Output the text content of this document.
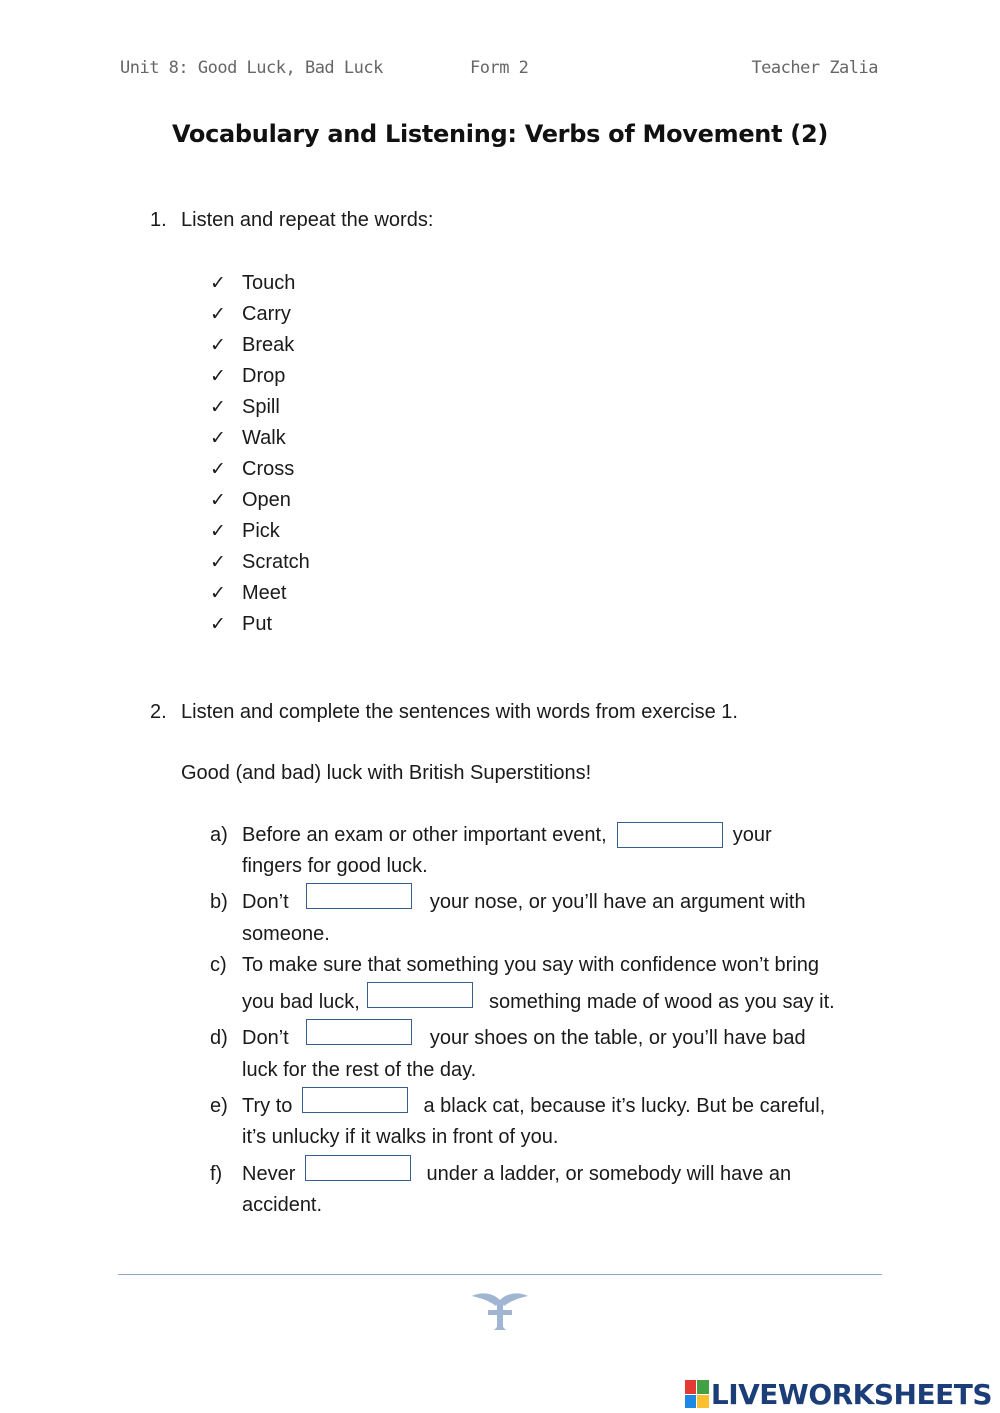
Unit 8: Good Luck, Bad Luck	Form 2	Teacher Zalia
Vocabulary and Listening: Verbs of Movement (2)
1. Listen and repeat the words:
✓ Touch
✓ Carry
✓ Break
✓ Drop
✓ Spill
✓ Walk
✓ Cross
✓ Open
✓ Pick
✓ Scratch
✓ Meet
✓ Put
2. Listen and complete the sentences with words from exercise 1.
Good (and bad) luck with British Superstitions!
a) Before an exam or other important event,	your
fingers for good luck.
b) Don’t	your nose, or you’ll have an argument with
someone.
c) To make sure that something you say with confidence won’t bring
you bad luck,	something made of wood as you say it.
d) Don’t	your shoes on the table, or you’ll have bad
luck for the rest of the day.
e) Try to	a black cat, because it’s lucky. But be careful,
it’s unlucky if it walks in front of you.
f) Never	under a ladder, or somebody will have an
accident.
LIVEWORKSHEETS
